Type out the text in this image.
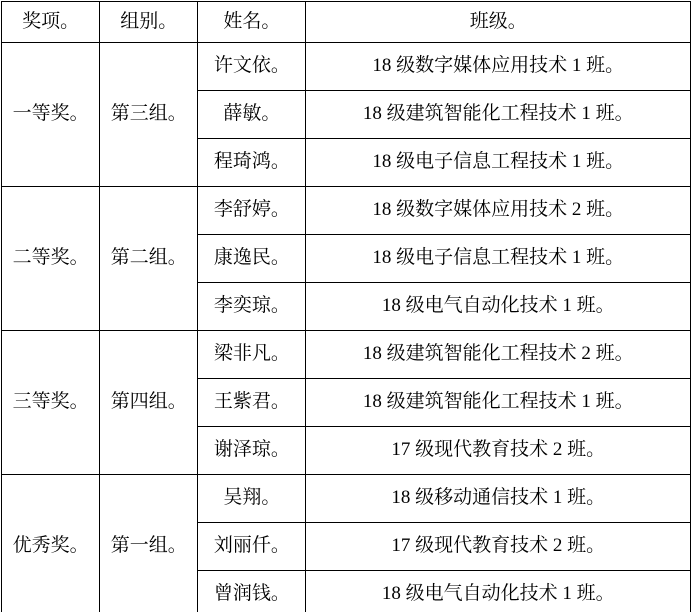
奖项。	组别。	姓名。	班级。

一等奖。	第三组。	许文依。	18 级数字媒体应用技术 1 班。

		薛敏。	18 级建筑智能化工程技术 1 班。

		程琦鸿。	18 级电子信息工程技术 1 班。

二等奖。	第二组。	李舒婷。	18 级数字媒体应用技术 2 班。

		康逸民。	18 级电子信息工程技术 1 班。

		李奕琼。	18 级电气自动化技术 1 班。

三等奖。	第四组。	梁非凡。	18 级建筑智能化工程技术 2 班。

		王紫君。	18 级建筑智能化工程技术 1 班。

		谢泽琼。	17 级现代教育技术 2 班。

优秀奖。	第一组。	吴翔。	18 级移动通信技术 1 班。

		刘丽仟。	17 级现代教育技术 2 班。

		曾润钱。	18 级电气自动化技术 1 班。
